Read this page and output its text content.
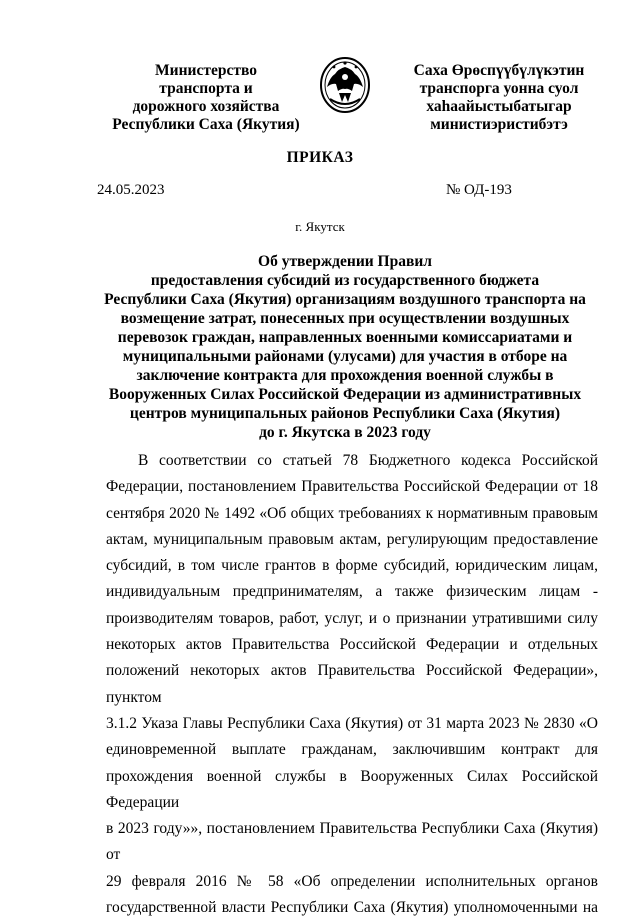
Министерство
транспорта и
дорожного хозяйства
Республики Саха (Якутия)
Саха Өрөспүүбүлүкэтин
транспорга уонна суол
хаһаайыстыбатыгар
министиэристибэтэ
ПРИКАЗ
24.05.2023	№ ОД-193
г. Якутск
Об утверждении Правил
предоставления субсидий из государственного бюджета
Республики Саха (Якутия) организациям воздушного транспорта на
возмещение затрат, понесенных при осуществлении воздушных
перевозок граждан, направленных военными комиссариатами и
муниципальными районами (улусами) для участия в отборе на
заключение контракта для прохождения военной службы в
Вооруженных Силах Российской Федерации из административных
центров муниципальных районов Республики Саха (Якутия)
до г. Якутска в 2023 году
В соответствии со статьей 78 Бюджетного кодекса Российской
Федерации, постановлением Правительства Российской Федерации от 18
сентября 2020 № 1492 «Об общих требованиях к нормативным правовым
актам, муниципальным правовым актам, регулирующим предоставление
субсидий, в том числе грантов в форме субсидий, юридическим лицам,
индивидуальным предпринимателям, а также физическим лицам -
производителям товаров, работ, услуг, и о признании утратившими силу
некоторых актов Правительства Российской Федерации и отдельных
положений некоторых актов Правительства Российской Федерации», пунктом
3.1.2 Указа Главы Республики Саха (Якутия) от 31 марта 2023 № 2830 «О
единовременной выплате гражданам, заключившим контракт для
прохождения военной службы в Вооруженных Силах Российской Федерации
в 2023 году»», постановлением Правительства Республики Саха (Якутия) от
29 февраля 2016 № 58 «Об определении исполнительных органов
государственной власти Республики Саха (Якутия) уполномоченными на
